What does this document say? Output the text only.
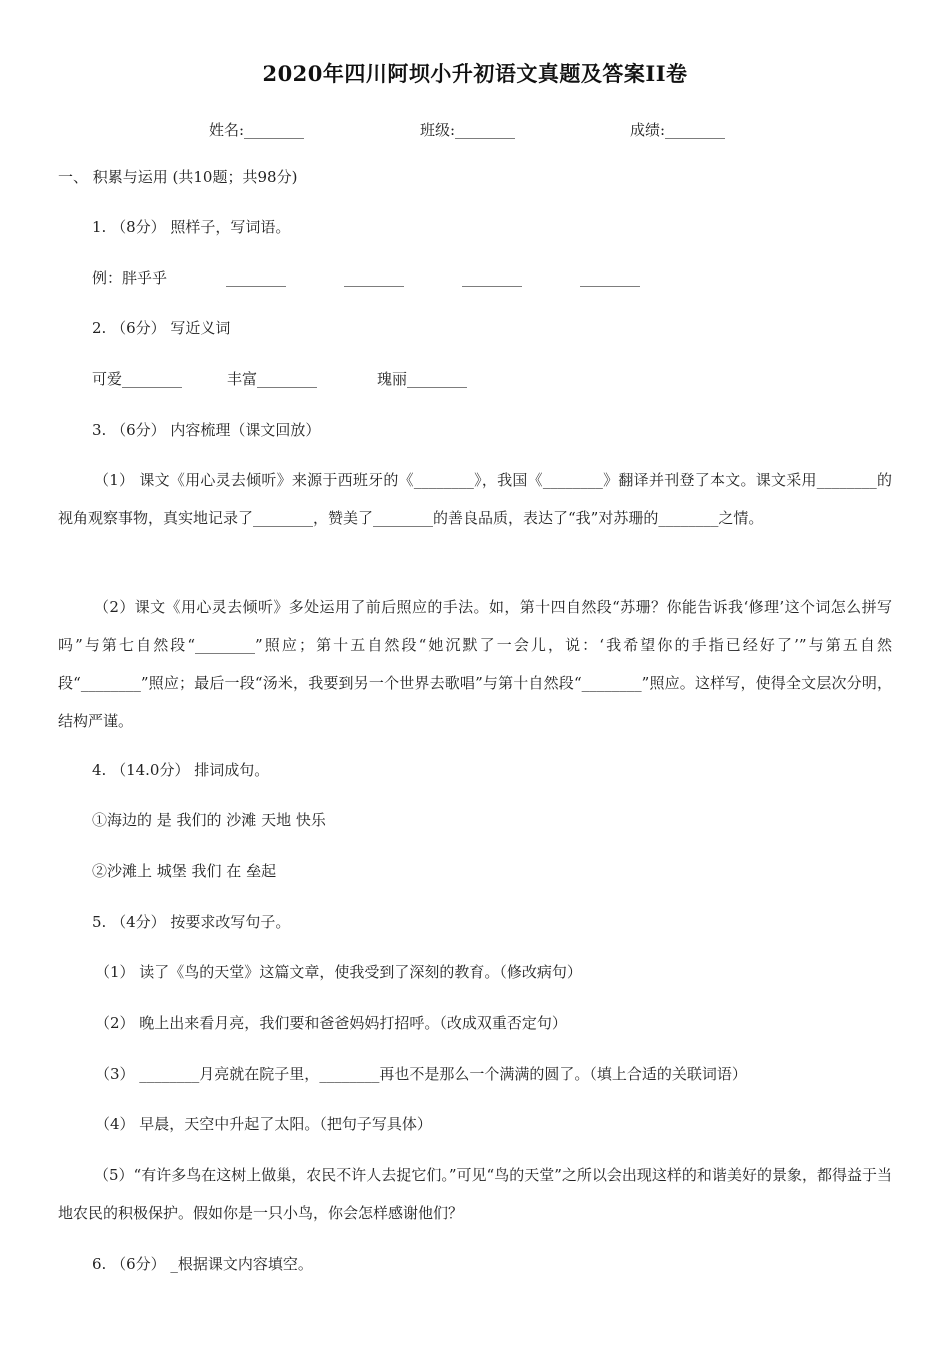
2020年四川阿坝小升初语文真题及答案II卷
姓名:________	班级:________	成绩:________
一、 积累与运用 (共10题；共98分)
1. （8分） 照样子，写词语。
例：胖乎乎	________	________	________	________
2. （6分） 写近义词
可爱________	丰富________	瑰丽________
3. （6分） 内容梳理（课文回放）
（1） 课文《用心灵去倾听》来源于西班牙的《________》，我国《________》翻译并刊登了本文。课文采用________的视角观察事物，真实地记录了________，赞美了________的善良品质，表达了“我”对苏珊的________之情。
（2）课文《用心灵去倾听》多处运用了前后照应的手法。如，第十四自然段“苏珊？你能告诉我‘修理’这个词怎么拼写吗”与第七自然段“________”照应；第十五自然段“她沉默了一会儿，说：‘我希望你的手指已经好了’”与第五自然段“________”照应；最后一段“汤米，我要到另一个世界去歌唱”与第十自然段“________”照应。这样写，使得全文层次分明，结构严谨。
4. （14.0分） 排词成句。
①海边的 是 我们的 沙滩 天地 快乐
②沙滩上 城堡 我们 在 垒起
5. （4分） 按要求改写句子。
（1） 读了《鸟的天堂》这篇文章，使我受到了深刻的教育。（修改病句）
（2） 晚上出来看月亮，我们要和爸爸妈妈打招呼。（改成双重否定句）
（3） ________月亮就在院子里，________再也不是那么一个满满的圆了。（填上合适的关联词语）
（4） 早晨，天空中升起了太阳。（把句子写具体）
（5）“有许多鸟在这树上做巢，农民不许人去捉它们。”可见“鸟的天堂”之所以会出现这样的和谐美好的景象，都得益于当地农民的积极保护。假如你是一只小鸟，你会怎样感谢他们？
6. （6分） _根据课文内容填空。
